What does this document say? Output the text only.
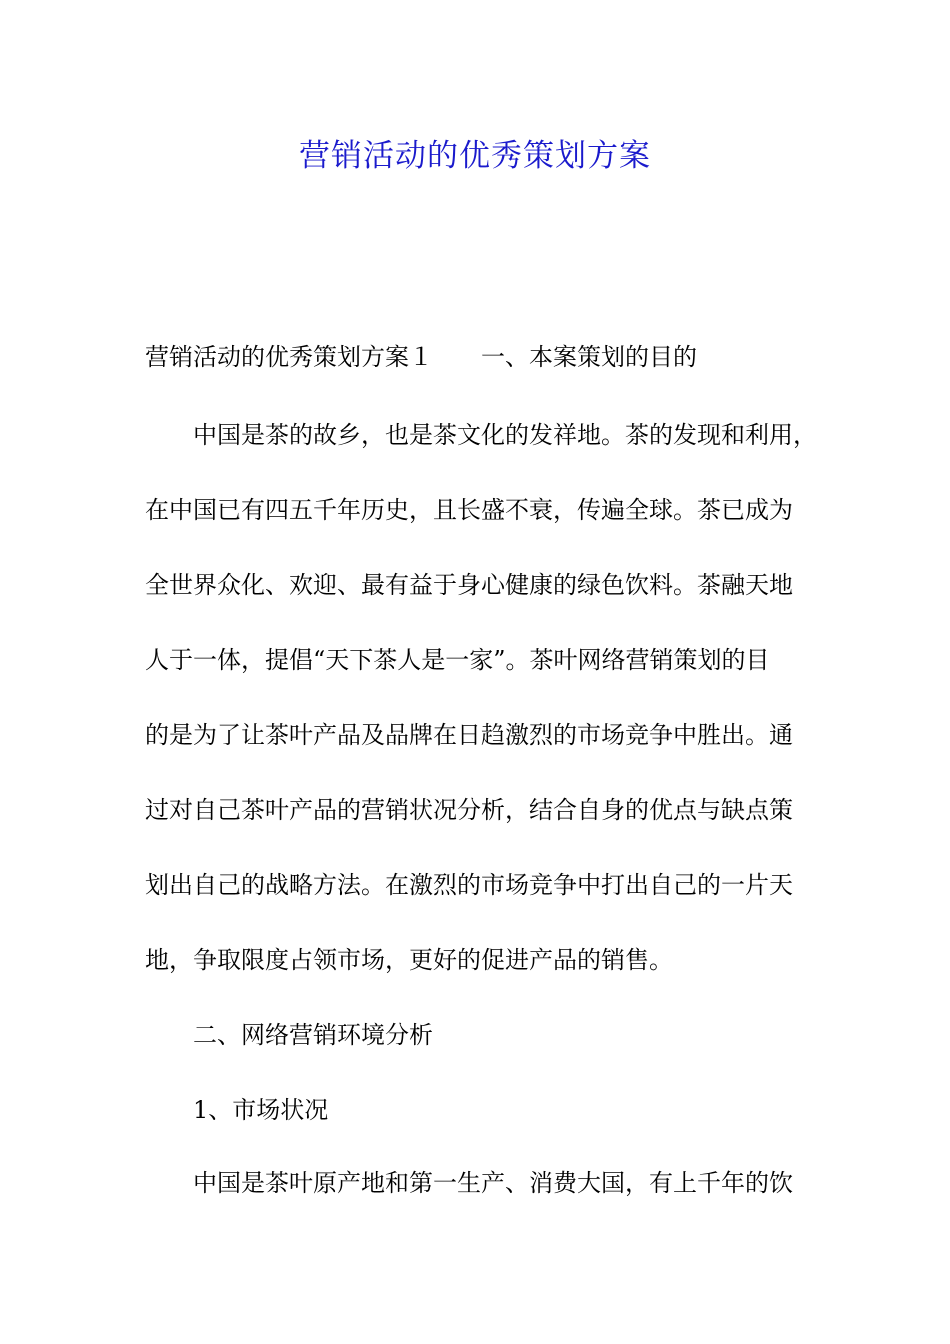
营销活动的优秀策划方案

营销活动的优秀策划方案１ 一、本案策划的目的

中国是茶的故乡，也是茶文化的发祥地。茶的发现和利用，

在中国已有四五千年历史，且长盛不衰，传遍全球。茶已成为

全世界众化、欢迎、最有益于身心健康的绿色饮料。茶融天地

人于一体，提倡“天下茶人是一家”。茶叶网络营销策划的目

的是为了让茶叶产品及品牌在日趋激烈的市场竞争中胜出。通

过对自己茶叶产品的营销状况分析，结合自身的优点与缺点策

划出自己的战略方法。在激烈的市场竞争中打出自己的一片天

地，争取限度占领市场，更好的促进产品的销售。

二、网络营销环境分析

1、市场状况

中国是茶叶原产地和第一生产、消费大国，有上千年的饮
